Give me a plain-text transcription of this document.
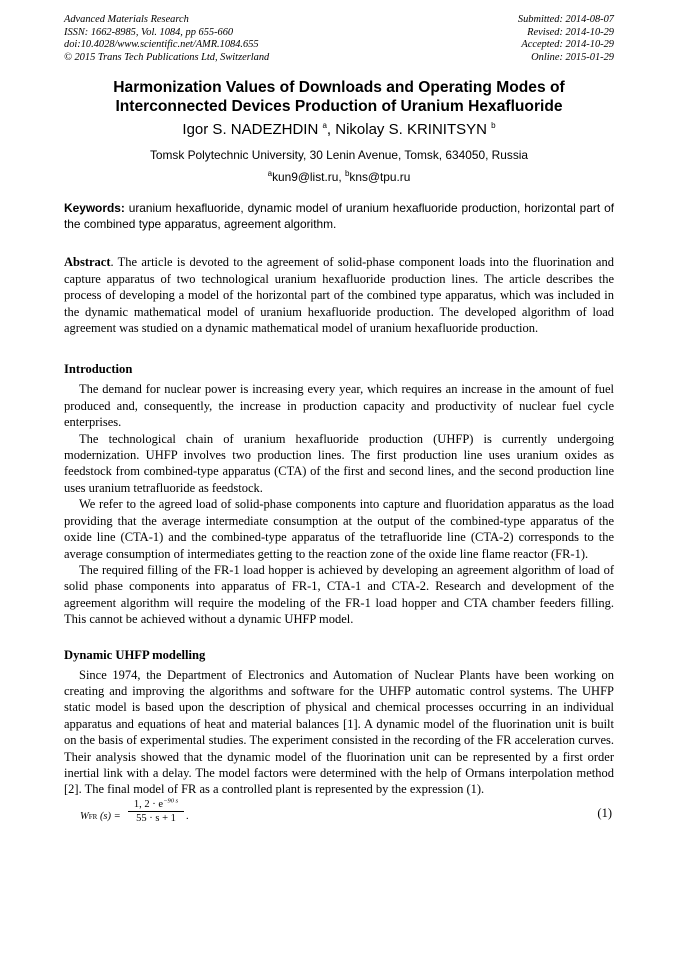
Advanced Materials Research
ISSN: 1662-8985, Vol. 1084, pp 655-660
doi:10.4028/www.scientific.net/AMR.1084.655
© 2015 Trans Tech Publications Ltd, Switzerland
Submitted: 2014-08-07
Revised: 2014-10-29
Accepted: 2014-10-29
Online: 2015-01-29
Harmonization Values of Downloads and Operating Modes of
Interconnected Devices Production of Uranium Hexafluoride
Igor S. NADEZHDIN $^a$, Nikolay S. KRINITSYN $^b$
Tomsk Polytechnic University, 30 Lenin Avenue, Tomsk, 634050, Russia
$^a$kun9@list.ru, $^b$kns@tpu.ru
Keywords: uranium hexafluoride, dynamic model of uranium hexafluoride production, horizontal part of the combined type apparatus, agreement algorithm.
Abstract. The article is devoted to the agreement of solid-phase component loads into the fluorination and capture apparatus of two technological uranium hexafluoride production lines. The article describes the process of developing a model of the horizontal part of the combined type apparatus, which was included in the dynamic mathematical model of uranium hexafluoride production. The developed algorithm of load agreement was studied on a dynamic mathematical model of uranium hexafluoride production.
Introduction

The demand for nuclear power is increasing every year, which requires an increase in the amount of fuel produced and, consequently, the increase in production capacity and productivity of nuclear fuel cycle enterprises.

The technological chain of uranium hexafluoride production (UHFP) is currently undergoing modernization. UHFP involves two production lines. The first production line uses uranium oxides as feedstock from combined-type apparatus (CTA) of the first and second lines, and the second production line uses uranium tetrafluoride as feedstock.

We refer to the agreed load of solid-phase components into capture and fluoridation apparatus as the load providing that the average intermediate consumption at the output of the combined-type apparatus of the oxide line (CTA-1) and the combined-type apparatus of the tetrafluoride line (CTA-2) corresponds to the average consumption of intermediates getting to the reaction zone of the oxide line flame reactor (FR-1).

The required filling of the FR-1 load hopper is achieved by developing an agreement algorithm of load of solid phase components into apparatus of FR-1, CTA-1 and CTA-2. Research and development of the agreement algorithm will require the modeling of the FR-1 load hopper and CTA chamber feeders filling. This cannot be achieved without a dynamic UHFP model.

Dynamic UHFP modelling

Since 1974, the Department of Electronics and Automation of Nuclear Plants have been working on creating and improving the algorithms and software for the UHFP automatic control systems. The UHFP static model is based upon the description of physical and chemical processes occurring in an individual apparatus and equations of heat and material balances [1]. A dynamic model of the fluorination unit is built on the basis of experimental studies. The experiment consisted in the recording of the FR acceleration curves. Their analysis showed that the dynamic model of the fluorination unit can be represented by a first order inertial link with a delay. The model factors were determined with the help of Ormans interpolation method [2]. The final model of FR as a controlled plant is represented by the expression (1).

WFR $(s) = \frac{1, 2 \cdot e^{-90 s}}{55 \cdot s + 1}$ .	(1)
